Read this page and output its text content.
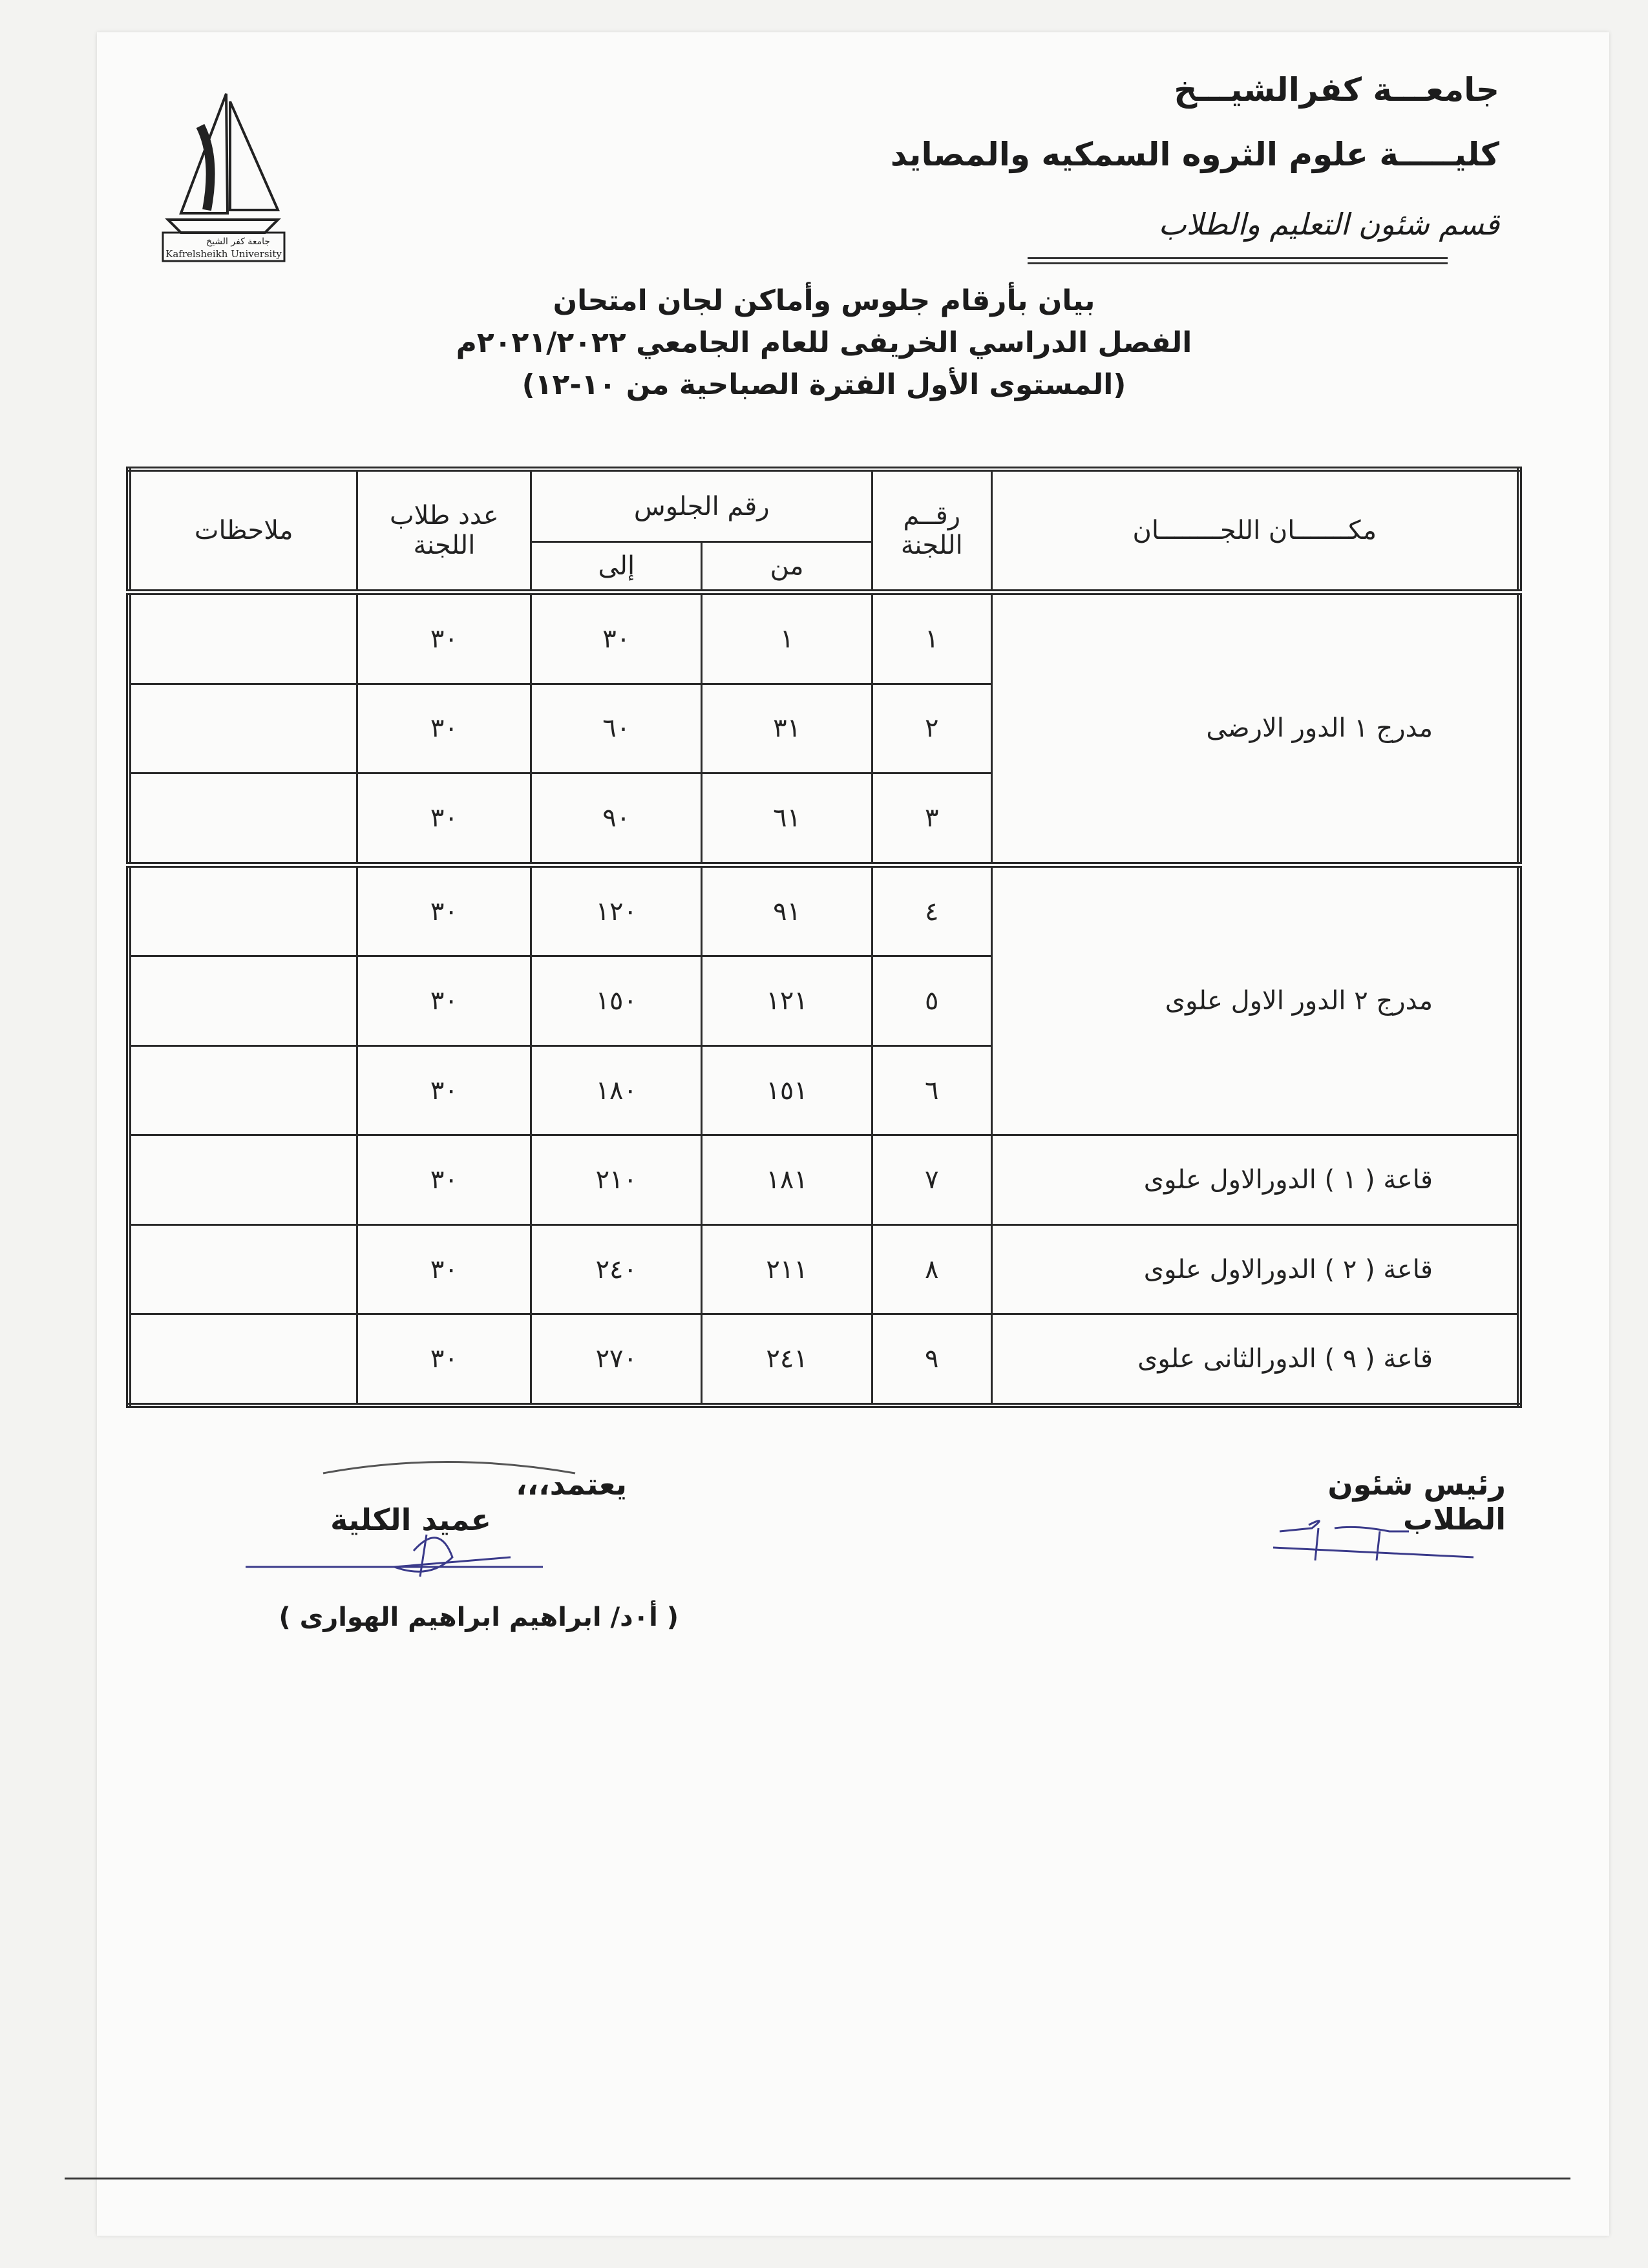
جامعة كفر الشيخ
Kafrelsheikh University
جامعـــة كفرالشيـــخ
كليـــــة علوم الثروه السمكيه والمصايد
قسم شئون التعليم والطلاب
بيان بأرقام جلوس وأماكن لجان امتحان
الفصل الدراسي الخريفى للعام الجامعي ٢٠٢١/٢٠٢٢م
(المستوى الأول الفترة الصباحية من ١٠-١٢)
مكـــــــان اللجــــــــان	رقــم اللجنة	رقم الجلوس		عدد طلاب اللجنة	ملاحظات
		من	إلى		
مدرج ١ الدور الارضى	١	١	٣٠	٣٠	
	٢	٣١	٦٠	٣٠	
	٣	٦١	٩٠	٣٠	
مدرج ٢ الدور الاول علوى	٤	٩١	١٢٠	٣٠	
	٥	١٢١	١٥٠	٣٠	
	٦	١٥١	١٨٠	٣٠	
قاعة ( ١ ) الدورالاول علوى	٧	١٨١	٢١٠	٣٠	
قاعة ( ٢ ) الدورالاول علوى	٨	٢١١	٢٤٠	٣٠	
قاعة ( ٩ ) الدورالثانى علوى	٩	٢٤١	٢٧٠	٣٠	
يعتمد،،،
عميد الكلية
( أ٠د/ ابراهيم ابراهيم الهوارى )
رئيس شئون الطلاب
